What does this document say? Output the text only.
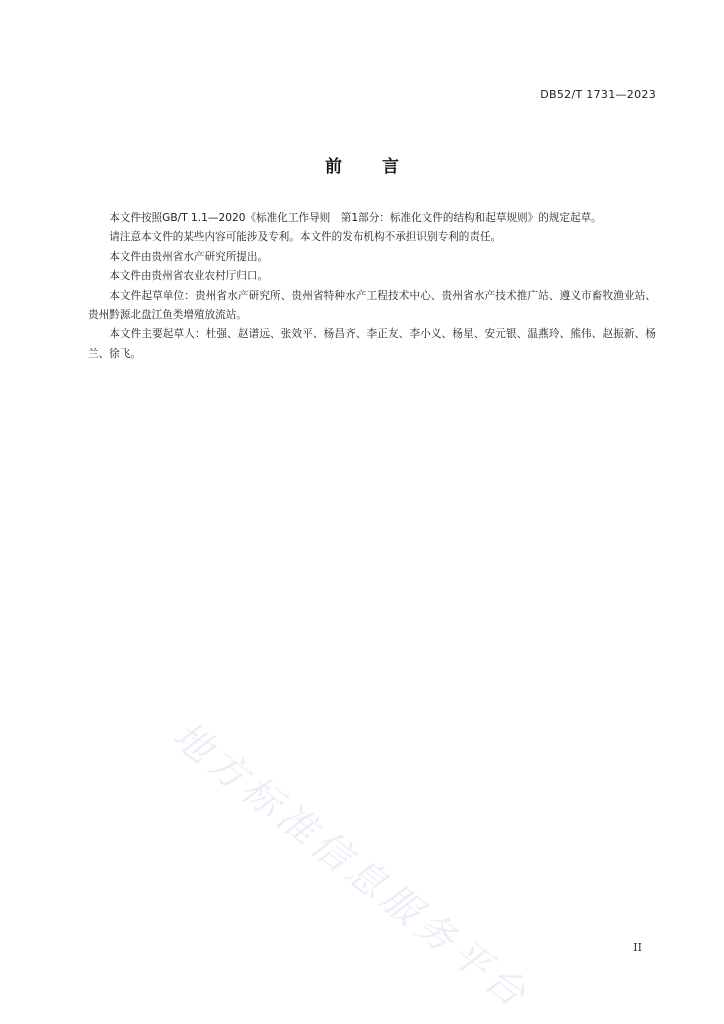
DB52/T 1731—2023
前 言

本文件按照GB/T 1.1—2020《标准化工作导则　第1部分：标准化文件的结构和起草规则》的规定起草。

请注意本文件的某些内容可能涉及专利。本文件的发布机构不承担识别专利的责任。

本文件由贵州省水产研究所提出。

本文件由贵州省农业农村厅归口。

本文件起草单位：贵州省水产研究所、贵州省特种水产工程技术中心、贵州省水产技术推广站、遵义市畜牧渔业站、贵州黔源北盘江鱼类增殖放流站。

本文件主要起草人：杜强、赵谱远、张效平、杨昌齐、李正友、李小义、杨星、安元银、温燕玲、熊伟、赵振新、杨兰、徐飞。

地方标准信息服务平台	II
